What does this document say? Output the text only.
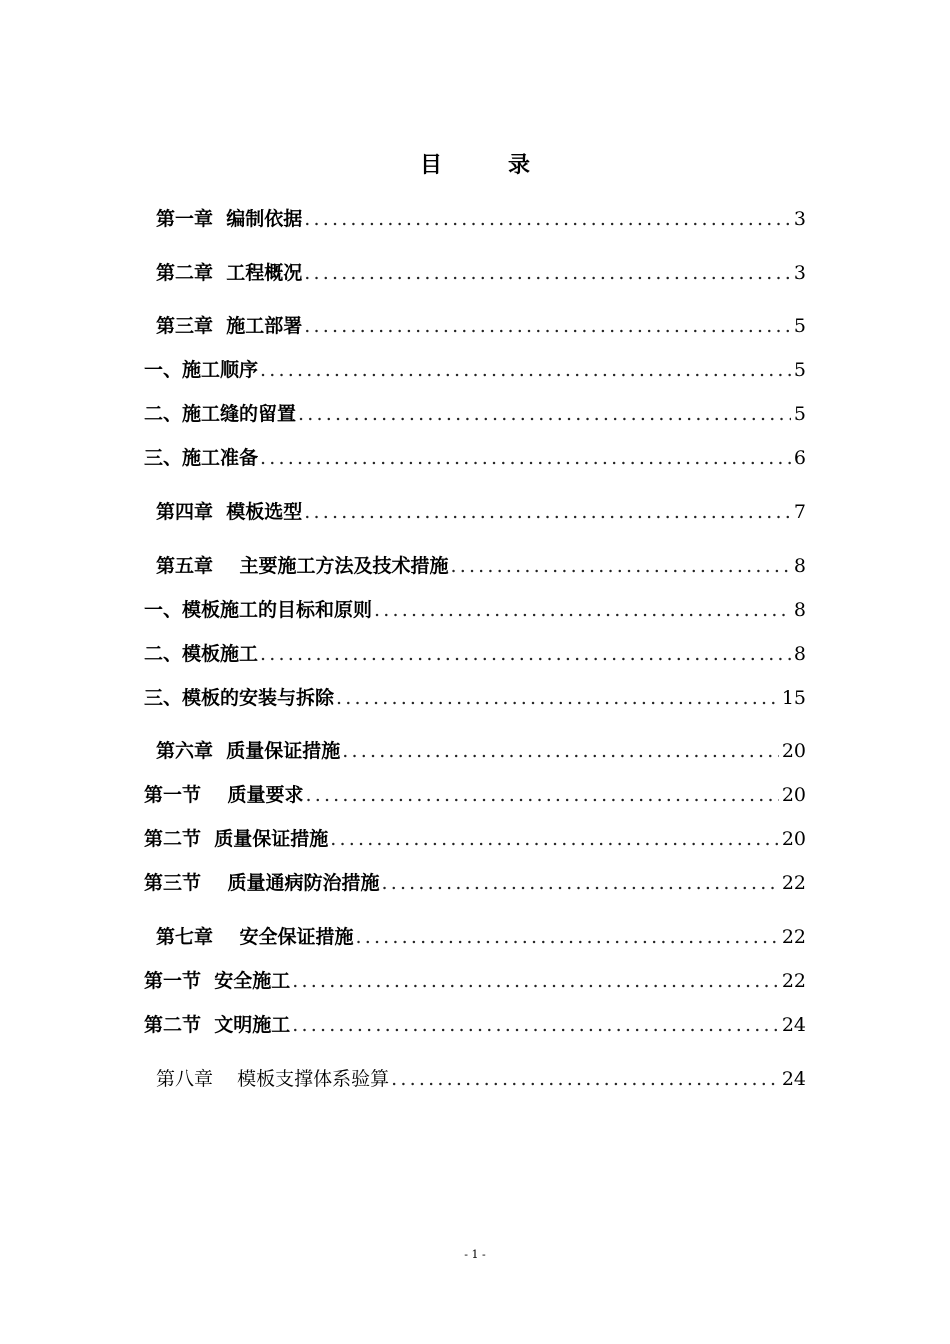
目　录
第一章  编制依据 .....	3
第二章  工程概况 .....	3
第三章  施工部署 .....	5
一、施工顺序 .....	5
二、施工缝的留置 .....	5
三、施工准备 .....	6
第四章  模板选型 .....	7
第五章    主要施工方法及技术措施 .....	8
一、模板施工的目标和原则 .....	8
二、模板施工 .....	8
三、模板的安装与拆除 .....	15
第六章  质量保证措施 .....	20
第一节    质量要求 .....	20
第二节  质量保证措施 .....	20
第三节    质量通病防治措施 .....	22
第七章    安全保证措施 .....	22
第一节  安全施工 .....	22
第二节  文明施工 .....	24
第八章    模板支撑体系验算 .....	24
- 1 -
